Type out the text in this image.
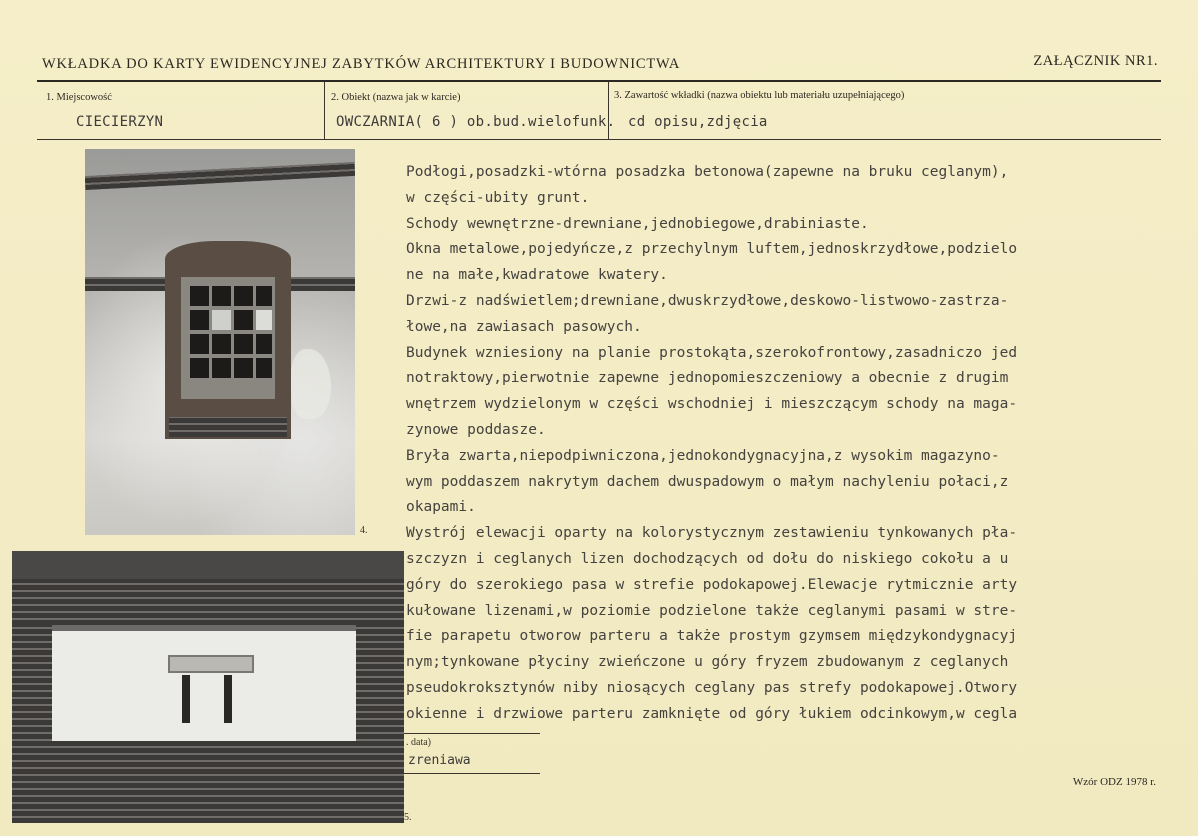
WKŁADKA DO KARTY EWIDENCYJNEJ ZABYTKÓW ARCHITEKTURY I BUDOWNICTWA	ZAŁĄCZNIK NR1.
1. Miejscowość
CIECIERZYN
2. Obiekt (nazwa jak w karcie)
OWCZARNIA( 6 ) ob.bud.wielofunk.
3. Zawartość wkładki (nazwa obiektu lub materiału uzupełniającego)
cd opisu,zdjęcia
4.
5.
Podłogi,posadzki-wtórna posadzka betonowa(zapewne na bruku ceglanym),
w części-ubity grunt.
Schody wewnętrzne-drewniane,jednobiegowe,drabiniaste.
Okna metalowe,pojedyńcze,z przechylnym luftem,jednoskrzydłowe,podzielo
ne na małe,kwadratowe kwatery.
Drzwi-z nadświetlem;drewniane,dwuskrzydłowe,deskowo-listwowo-zastrza-
łowe,na zawiasach pasowych.
Budynek wzniesiony na planie prostokąta,szerokofrontowy,zasadniczo jed
notraktowy,pierwotnie zapewne jednopomieszczeniowy a obecnie z drugim
wnętrzem wydzielonym w części wschodniej i mieszczącym schody na maga-
zynowe poddasze.
Bryła zwarta,niepodpiwniczona,jednokondygnacyjna,z wysokim magazyno-
wym poddaszem nakrytym dachem dwuspadowym o małym nachyleniu połaci,z
okapami.
Wystrój elewacji oparty na kolorystycznym zestawieniu tynkowanych pła-
szczyzn i ceglanych lizen dochodzących od dołu do niskiego cokołu a u
góry do szerokiego pasa w strefie podokapowej.Elewacje rytmicznie arty
kułowane lizenami,w poziomie podzielone także ceglanymi pasami w stre-
fie parapetu otworow parteru a także prostym gzymsem międzykondygnacyj
nym;tynkowane płyciny zwieńczone u góry fryzem zbudowanym z ceglanych
pseudokrokszt​ynów niby niosących ceglany pas strefy podokapowej.Otwory
okienne i drzwiowe parteru zamknięte od góry łukiem odcinkowym,w cegla
. data)
zreniawa
Wzór ODZ 1978 r.
